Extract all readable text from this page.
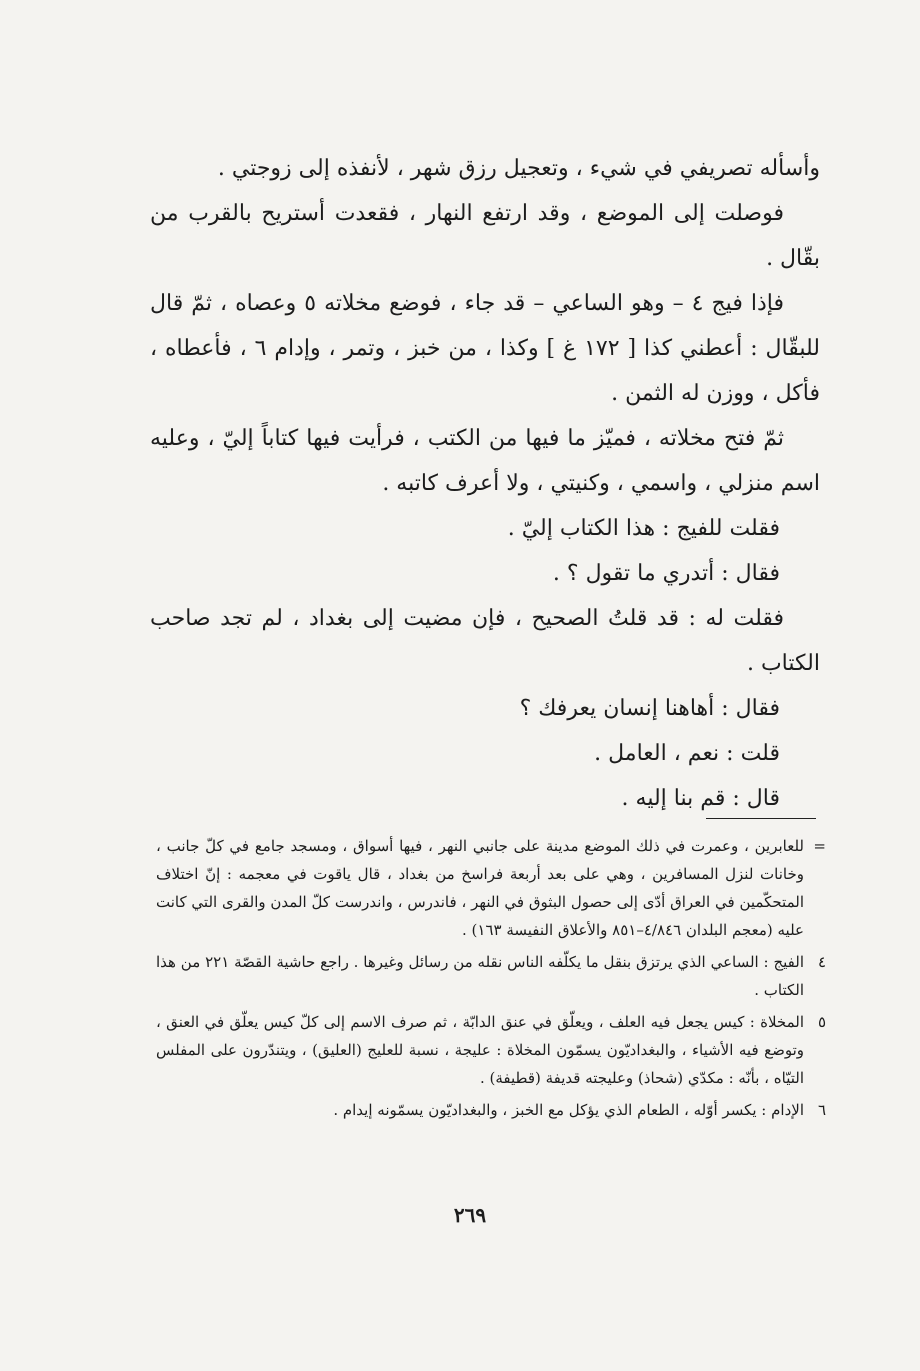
وأسأله تصريفي في شيء ، وتعجيل رزق شهر ، لأنفذه إلى زوجتي .

فوصلت إلى الموضع ، وقد ارتفع النهار ، فقعدت أستريح بالقرب من بقّال .

فإذا فيج ٤ – وهو الساعي – قد جاء ، فوضع مخلاته ٥ وعصاه ، ثمّ قال للبقّال : أعطني كذا [ ١٧٢ غ ] وكذا ، من خبز ، وتمر ، وإدام ٦ ، فأعطاه ، فأكل ، ووزن له الثمن .

ثمّ فتح مخلاته ، فميّز ما فيها من الكتب ، فرأيت فيها كتاباً إليّ ، وعليه اسم منزلي ، واسمي ، وكنيتي ، ولا أعرف كاتبه .

فقلت للفيج : هذا الكتاب إليّ .

فقال : أتدري ما تقول ؟ .

فقلت له : قد قلتُ الصحيح ، فإن مضيت إلى بغداد ، لم تجد صاحب الكتاب .

فقال : أهاهنا إنسان يعرفك ؟

قلت : نعم ، العامل .

قال : قم بنا إليه .

=
للعابرين ، وعمرت في ذلك الموضع مدينة على جانبي النهر ، فيها أسواق ، ومسجد جامع في كلّ جانب ، وخانات لنزل المسافرين ، وهي على بعد أربعة فراسخ من بغداد ، قال ياقوت في معجمه : إنّ اختلاف المتحكّمين في العراق أدّى إلى حصول البثوق في النهر ، فاندرس ، واندرست كلّ المدن والقرى التي كانت عليه (معجم البلدان ٤/٨٤٦–٨٥١ والأعلاق النفيسة ١٦٣) .
٤
الفيج : الساعي الذي يرتزق بنقل ما يكلّفه الناس نقله من رسائل وغيرها . راجع حاشية القصّة ٢٢١ من هذا الكتاب .
٥
المخلاة : كيس يجعل فيه العلف ، ويعلّق في عنق الدابّة ، ثم صرف الاسم إلى كلّ كيس يعلّق في العنق ، وتوضع فيه الأشياء ، والبغداديّون يسمّون المخلاة : عليجة ، نسبة للعليج (العليق) ، ويتندّرون على المفلس التيّاه ، بأنّه : مكدّي (شحاذ) وعليجته قديفة (قطيفة) .
٦
الإدام : يكسر أوّله ، الطعام الذي يؤكل مع الخبز ، والبغداديّون يسمّونه إيدام .
٢٦٩
